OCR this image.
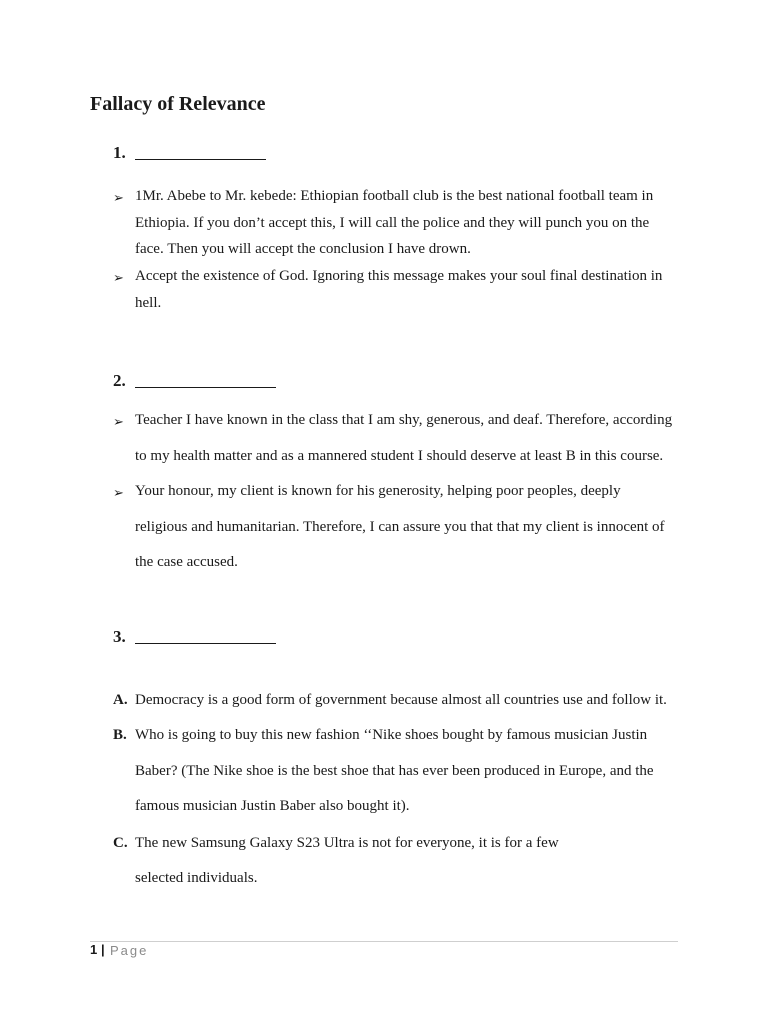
Fallacy of Relevance
1.
➢ 1Mr. Abebe to Mr. kebede: Ethiopian football club is the best national football team in
Ethiopia. If you don’t accept this, I will call the police and they will punch you on the
face. Then you will accept the conclusion I have drown.
➢ Accept the existence of God. Ignoring this message makes your soul final destination in
hell.
2.
➢ Teacher I have known in the class that I am shy, generous, and deaf. Therefore, according
to my health matter and as a mannered student I should deserve at least B in this course.
➢ Your honour, my client is known for his generosity, helping poor peoples, deeply
religious and humanitarian. Therefore, I can assure you that that my client is innocent of
the case accused.
3.
A. Democracy is a good form of government because almost all countries use and follow it.
B. Who is going to buy this new fashion ‘‘Nike shoes bought by famous musician Justin
Baber? (The Nike shoe is the best shoe that has ever been produced in Europe, and the
famous musician Justin Baber also bought it).
C. The new Samsung Galaxy S23 Ultra is not for everyone, it is for a few
selected individuals.
1 | Page
